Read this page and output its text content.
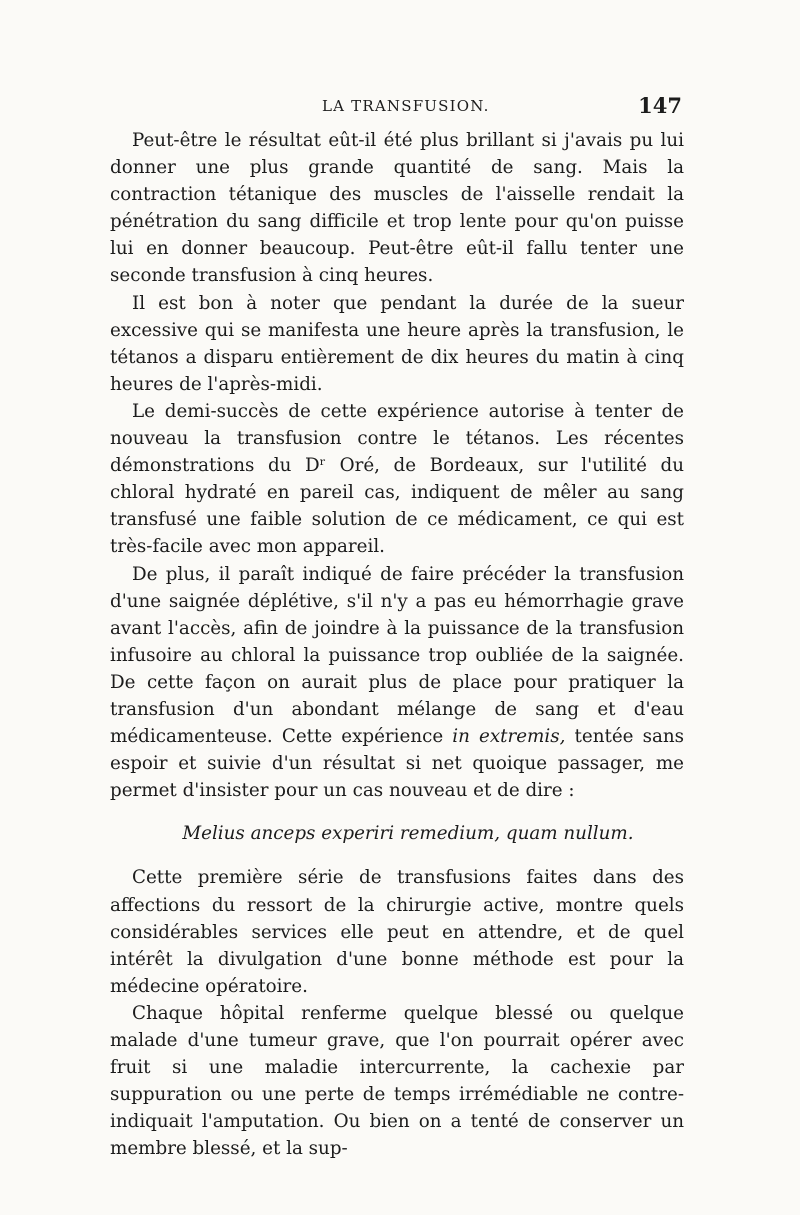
LA TRANSFUSION.	147

Peut-être le résultat eût-il été plus brillant si j'avais pu lui donner une plus grande quantité de sang. Mais la contraction tétanique des muscles de l'aisselle rendait la pénétration du sang difficile et trop lente pour qu'on puisse lui en donner beaucoup. Peut-être eût-il fallu tenter une seconde transfusion à cinq heures.

Il est bon à noter que pendant la durée de la sueur excessive qui se manifesta une heure après la transfusion, le tétanos a disparu entièrement de dix heures du matin à cinq heures de l'après-midi.

Le demi-succès de cette expérience autorise à tenter de nouveau la transfusion contre le tétanos. Les récentes démonstrations du Dʳ Oré, de Bordeaux, sur l'utilité du chloral hydraté en pareil cas, indiquent de mêler au sang transfusé une faible solution de ce médicament, ce qui est très-facile avec mon appareil.

De plus, il paraît indiqué de faire précéder la transfusion d'une saignée déplétive, s'il n'y a pas eu hémorrhagie grave avant l'accès, afin de joindre à la puissance de la transfusion infusoire au chloral la puissance trop oubliée de la saignée. De cette façon on aurait plus de place pour pratiquer la transfusion d'un abondant mélange de sang et d'eau médicamenteuse. Cette expérience in extremis, tentée sans espoir et suivie d'un résultat si net quoique passager, me permet d'insister pour un cas nouveau et de dire :

Melius anceps experiri remedium, quam nullum.

Cette première série de transfusions faites dans des affections du ressort de la chirurgie active, montre quels considérables services elle peut en attendre, et de quel intérêt la divulgation d'une bonne méthode est pour la médecine opératoire.

Chaque hôpital renferme quelque blessé ou quelque malade d'une tumeur grave, que l'on pourrait opérer avec fruit si une maladie intercurrente, la cachexie par suppuration ou une perte de temps irrémédiable ne contre-indiquait l'amputation. Ou bien on a tenté de conserver un membre blessé, et la sup-
